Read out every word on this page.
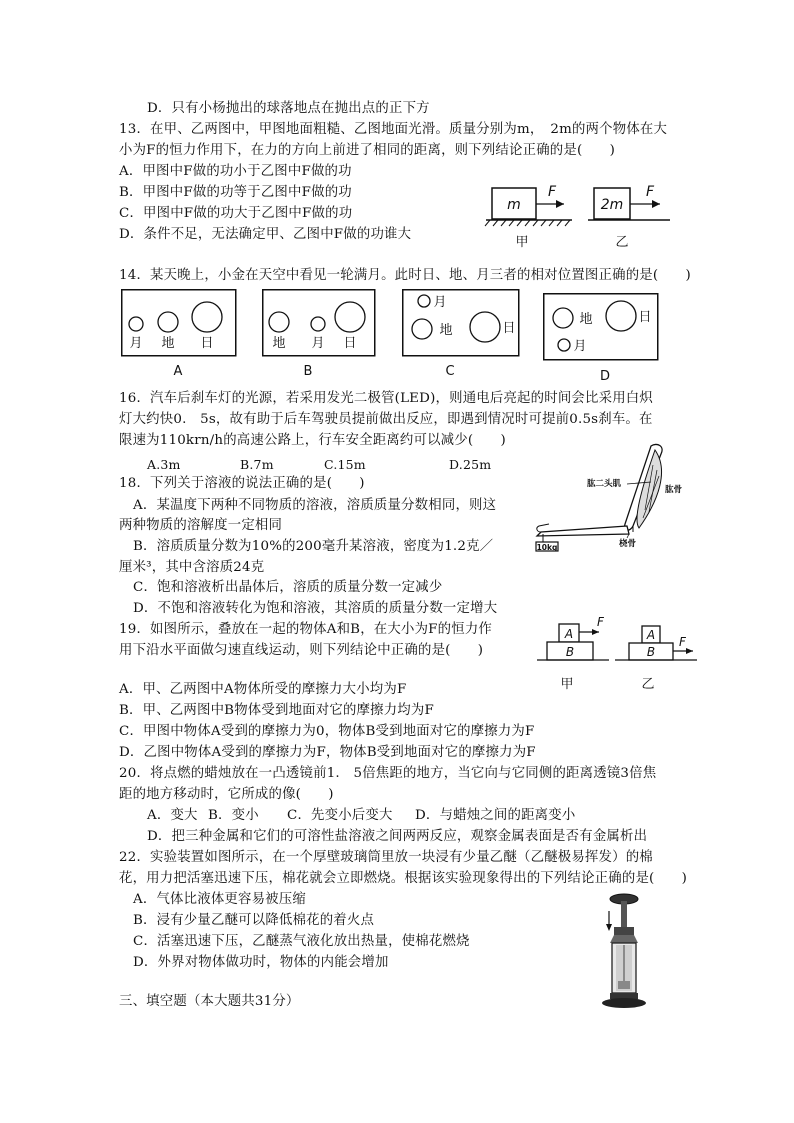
D．只有小杨抛出的球落地点在抛出点的正下方
13．在甲、乙两图中，甲图地面粗糙、乙图地面光滑。质量分别为m，　2m的两个物体在大
小为F的恒力作用下，在力的方向上前进了相同的距离，则下列结论正确的是(　　)
A．甲图中F做的功小于乙图中F做的功
B．甲图中F做的功等于乙图中F做的功
C．甲图中F做的功大于乙图中F做的功
D．条件不足，无法确定甲、乙图中F做的功谁大
m
F
甲
2m
F
乙
14．某天晚上，小金在天空中看见一轮满月。此时日、地、月三者的相对位置图正确的是(　　)
月 地 日
A
地 月 日
B
月
地	日
C
地	日
月
D
16．汽车后刹车灯的光源，若采用发光二极管(LED)，则通电后亮起的时间会比采用白炽
灯大约快0.　5s，故有助于后车驾驶员提前做出反应，即遇到情况时可提前0.5s刹车。在
限速为110krn/h的高速公路上，行车安全距离约可以减少(　　)
A.3m	B.7m	C.15m	D.25m
18．下列关于溶液的说法正确的是(　　)
A．某温度下两种不同物质的溶液，溶质质量分数相同，则这
两种物质的溶解度一定相同
B．溶质质量分数为10%的200毫升某溶液，密度为1.2克／
厘米³，其中含溶质24克
C．饱和溶液析出晶体后，溶质的质量分数一定减少
D．不饱和溶液转化为饱和溶液，其溶质的质量分数一定增大
10kg
肱二头肌
肱骨
桡骨
19．如图所示，叠放在一起的物体A和B，在大小为F的恒力作
用下沿水平面做匀速直线运动，则下列结论中正确的是(　　)
A
B
F
甲
A
B
F
乙
A．甲、乙两图中A物体所受的摩擦力大小均为F
B．甲、乙两图中B物体受到地面对它的摩擦力均为F
C．甲图中物体A受到的摩擦力为0，物体B受到地面对它的摩擦力为F
D．乙图中物体A受到的摩擦力为F，物体B受到地面对它的摩擦力为F
20．将点燃的蜡烛放在一凸透镜前1.　5倍焦距的地方，当它向与它同侧的距离透镜3倍焦
距的地方移动时，它所成的像(　　)
A．变大 B．变小 C．先变小后变大 D．与蜡烛之间的距离变小
D．把三种金属和它们的可溶性盐溶液之间两两反应，观察金属表面是否有金属析出
22．实验装置如图所示，在一个厚壁玻璃筒里放一块浸有少量乙醚（乙醚极易挥发）的棉
花，用力把活塞迅速下压，棉花就会立即燃烧。根据该实验现象得出的下列结论正确的是(　　)
A．气体比液体更容易被压缩
B．浸有少量乙醚可以降低棉花的着火点
C．活塞迅速下压，乙醚蒸气液化放出热量，使棉花燃烧
D．外界对物体做功时，物体的内能会增加
三、填空题（本大题共31分）
